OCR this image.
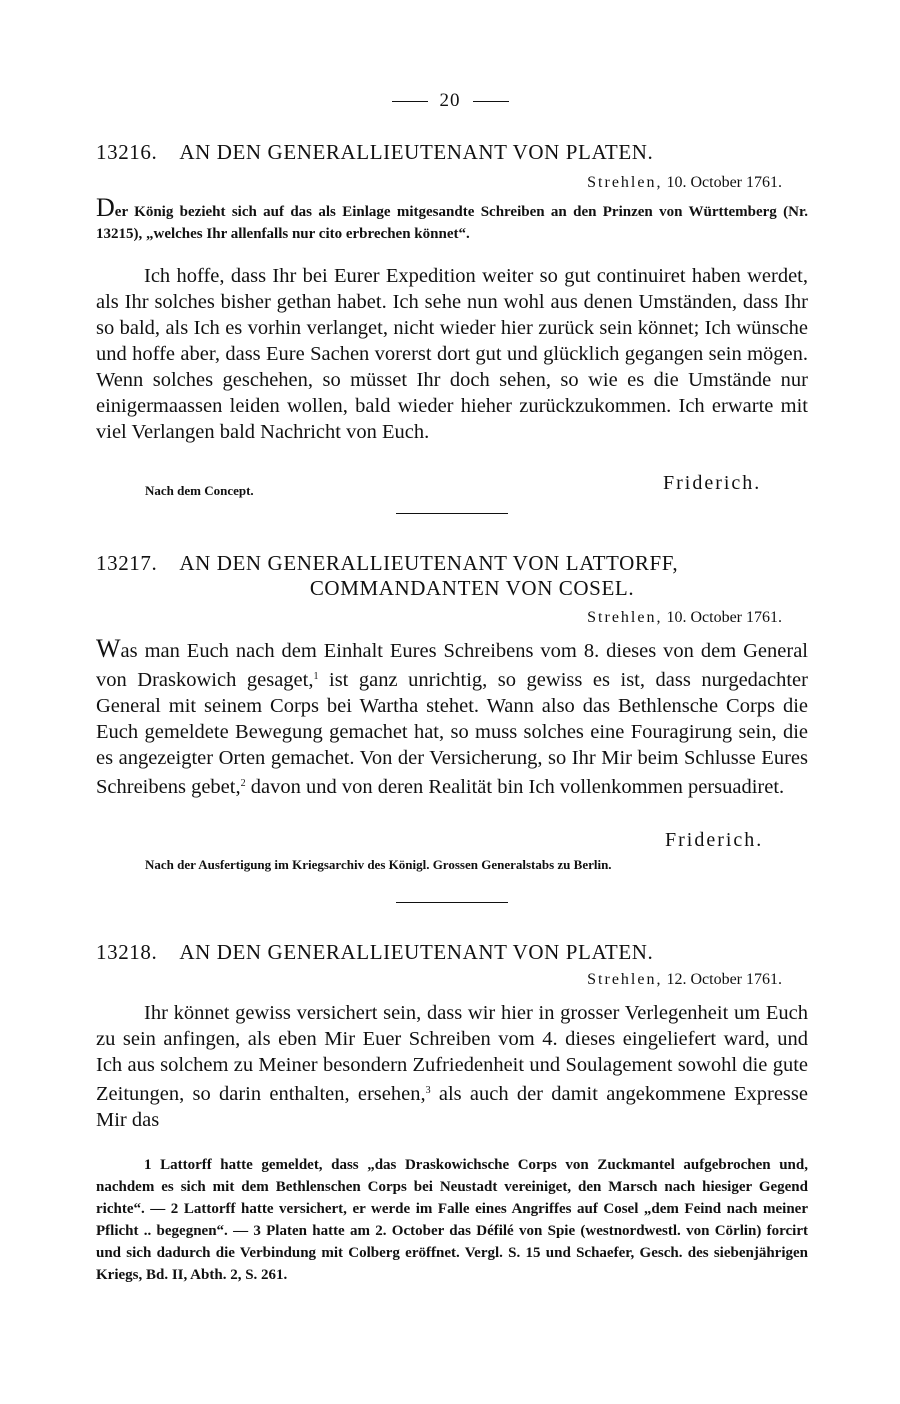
20
13216. AN DEN GENERALLIEUTENANT VON PLATEN.
Strehlen, 10. October 1761.
Der König bezieht sich auf das als Einlage mitgesandte Schreiben an den Prinzen von Württemberg (Nr. 13215), „welches Ihr allenfalls nur cito erbrechen könnet“.

Ich hoffe, dass Ihr bei Eurer Expedition weiter so gut continuiret haben werdet, als Ihr solches bisher gethan habet. Ich sehe nun wohl aus denen Umständen, dass Ihr so bald, als Ich es vorhin verlanget, nicht wieder hier zurück sein könnet; Ich wünsche und hoffe aber, dass Eure Sachen vorerst dort gut und glücklich gegangen sein mögen. Wenn solches geschehen, so müsset Ihr doch sehen, so wie es die Umstände nur einigermaassen leiden wollen, bald wieder hieher zurückzukommen. Ich erwarte mit viel Verlangen bald Nachricht von Euch.

Nach dem Concept.	Friderich.
13217. AN DEN GENERALLIEUTENANT VON LATTORFF,
COMMANDANTEN VON COSEL.
Strehlen, 10. October 1761.

Was man Euch nach dem Einhalt Eures Schreibens vom 8. dieses von dem General von Draskowich gesaget,$^1$ ist ganz unrichtig, so gewiss es ist, dass nurgedachter General mit seinem Corps bei Wartha stehet. Wann also das Bethlensche Corps die Euch gemeldete Bewegung gemachet hat, so muss solches eine Fouragirung sein, die es angezeigter Orten gemachet. Von der Versicherung, so Ihr Mir beim Schlusse Eures Schreibens gebet,$^2$ davon und von deren Realität bin Ich vollenkommen persuadiret.

Friderich.
Nach der Ausfertigung im Kriegsarchiv des Königl. Grossen Generalstabs zu Berlin.
13218. AN DEN GENERALLIEUTENANT VON PLATEN.
Strehlen, 12. October 1761.

Ihr könnet gewiss versichert sein, dass wir hier in grosser Verlegenheit um Euch zu sein anfingen, als eben Mir Euer Schreiben vom 4. dieses eingeliefert ward, und Ich aus solchem zu Meiner besondern Zufriedenheit und Soulagement sowohl die gute Zeitungen, so darin enthalten, ersehen,$^3$ als auch der damit angekommene Expresse Mir das

1 Lattorff hatte gemeldet, dass „das Draskowichsche Corps von Zuckmantel aufgebrochen und, nachdem es sich mit dem Bethlenschen Corps bei Neustadt vereiniget, den Marsch nach hiesiger Gegend richte“. — 2 Lattorff hatte versichert, er werde im Falle eines Angriffes auf Cosel „dem Feind nach meiner Pflicht .. begegnen“. — 3 Platen hatte am 2. October das Défilé von Spie (westnordwestl. von Cörlin) forcirt und sich dadurch die Verbindung mit Colberg eröffnet. Vergl. S. 15 und Schaefer, Gesch. des siebenjährigen Kriegs, Bd. II, Abth. 2, S. 261.
